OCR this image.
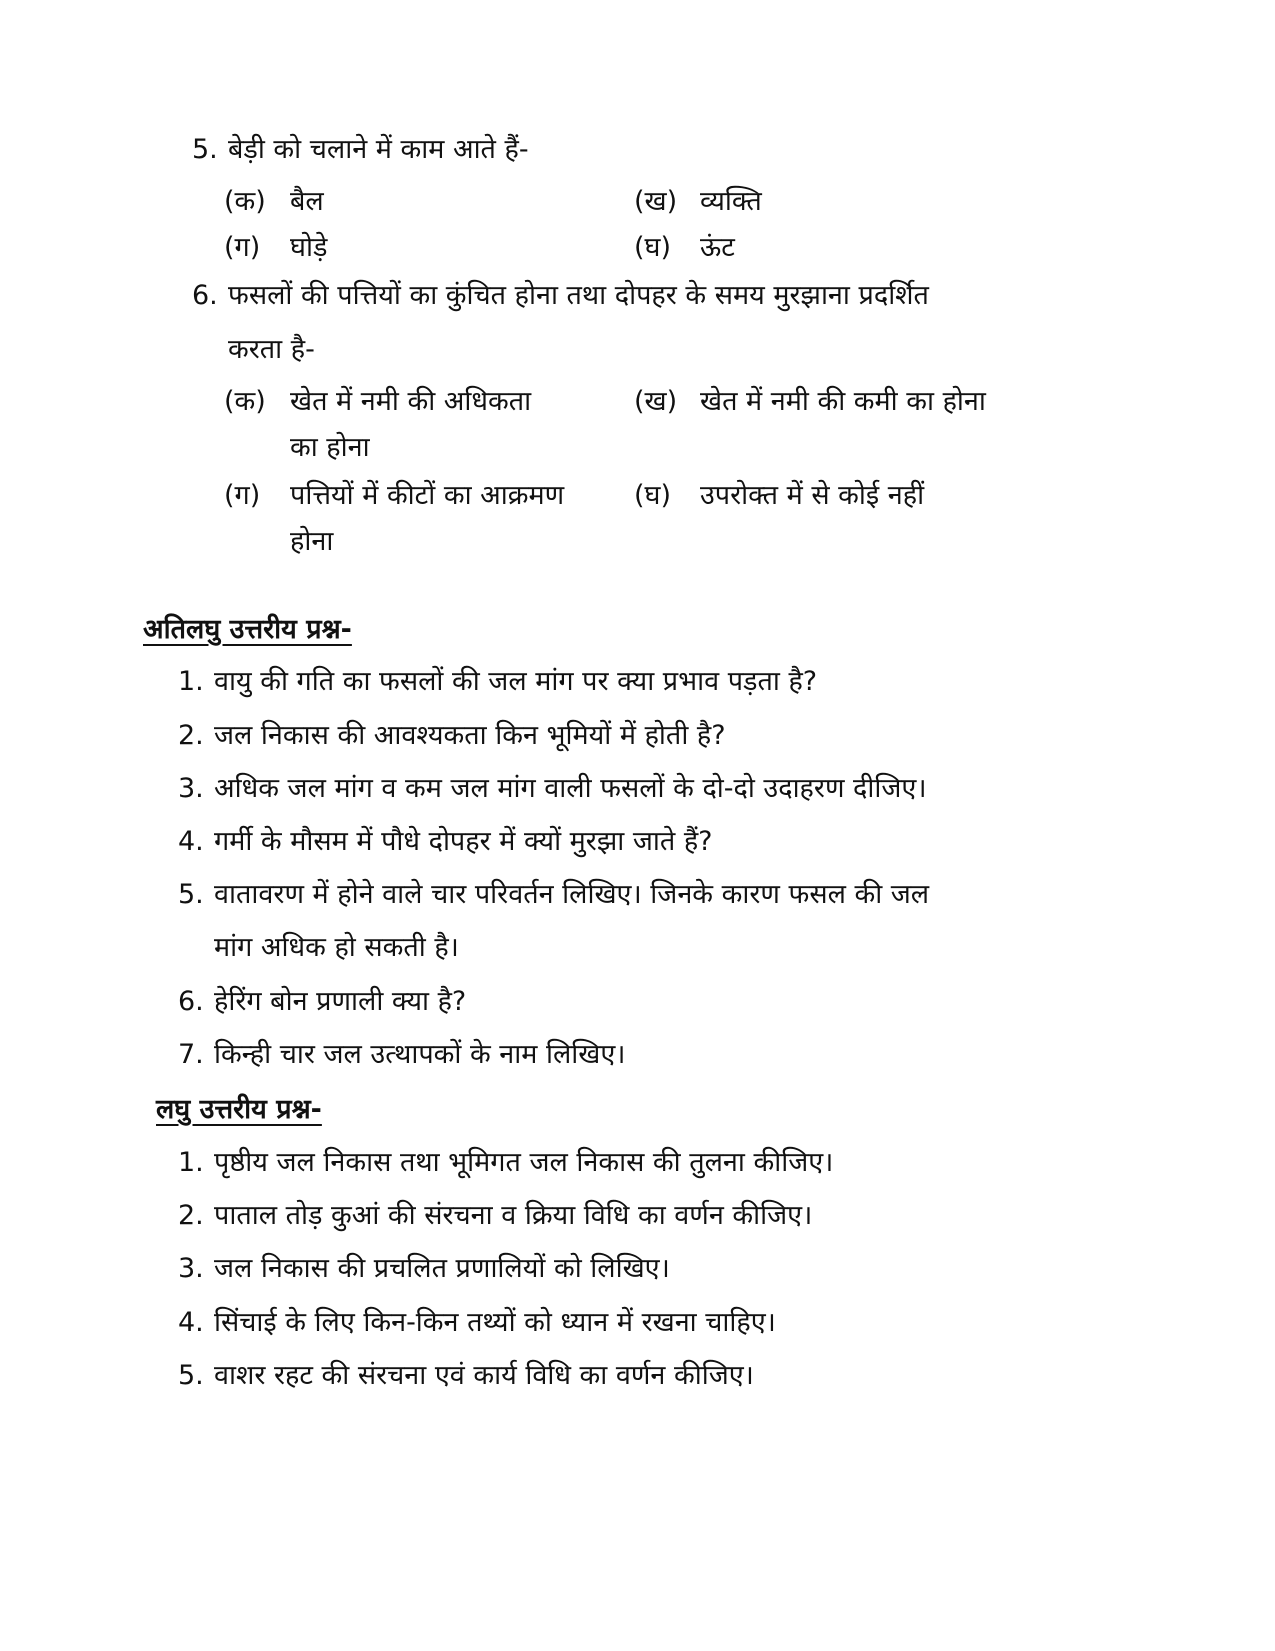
5. बेड़ी को चलाने में काम आते हैं-
(क) बैल	(ख) व्यक्ति
(ग) घोड़े	(घ) ऊंट
6. फसलों की पत्तियों का कुंचित होना तथा दोपहर के समय मुरझाना प्रदर्शित
करता है-
(क) खेत में नमी की अधिकता
का होना
(ख) खेत में नमी की कमी का होना
(ग) पत्तियों में कीटों का आक्रमण
होना
(घ) उपरोक्त में से कोई नहीं
अतिलघु उत्तरीय प्रश्न-
1. वायु की गति का फसलों की जल मांग पर क्या प्रभाव पड़ता है?
2. जल निकास की आवश्यकता किन भूमियों में होती है?
3. अधिक जल मांग व कम जल मांग वाली फसलों के दो-दो उदाहरण दीजिए।
4. गर्मी के मौसम में पौधे दोपहर में क्यों मुरझा जाते हैं?
5. वातावरण में होने वाले चार परिवर्तन लिखिए। जिनके कारण फसल की जल
मांग अधिक हो सकती है।
6. हेरिंग बोन प्रणाली क्या है?
7. किन्ही चार जल उत्थापकों के नाम लिखिए।
लघु उत्तरीय प्रश्न-
1. पृष्ठीय जल निकास तथा भूमिगत जल निकास की तुलना कीजिए।
2. पाताल तोड़ कुआं की संरचना व क्रिया विधि का वर्णन कीजिए।
3. जल निकास की प्रचलित प्रणालियों को लिखिए।
4. सिंचाई के लिए किन-किन तथ्यों को ध्यान में रखना चाहिए।
5. वाशर रहट की संरचना एवं कार्य विधि का वर्णन कीजिए।
